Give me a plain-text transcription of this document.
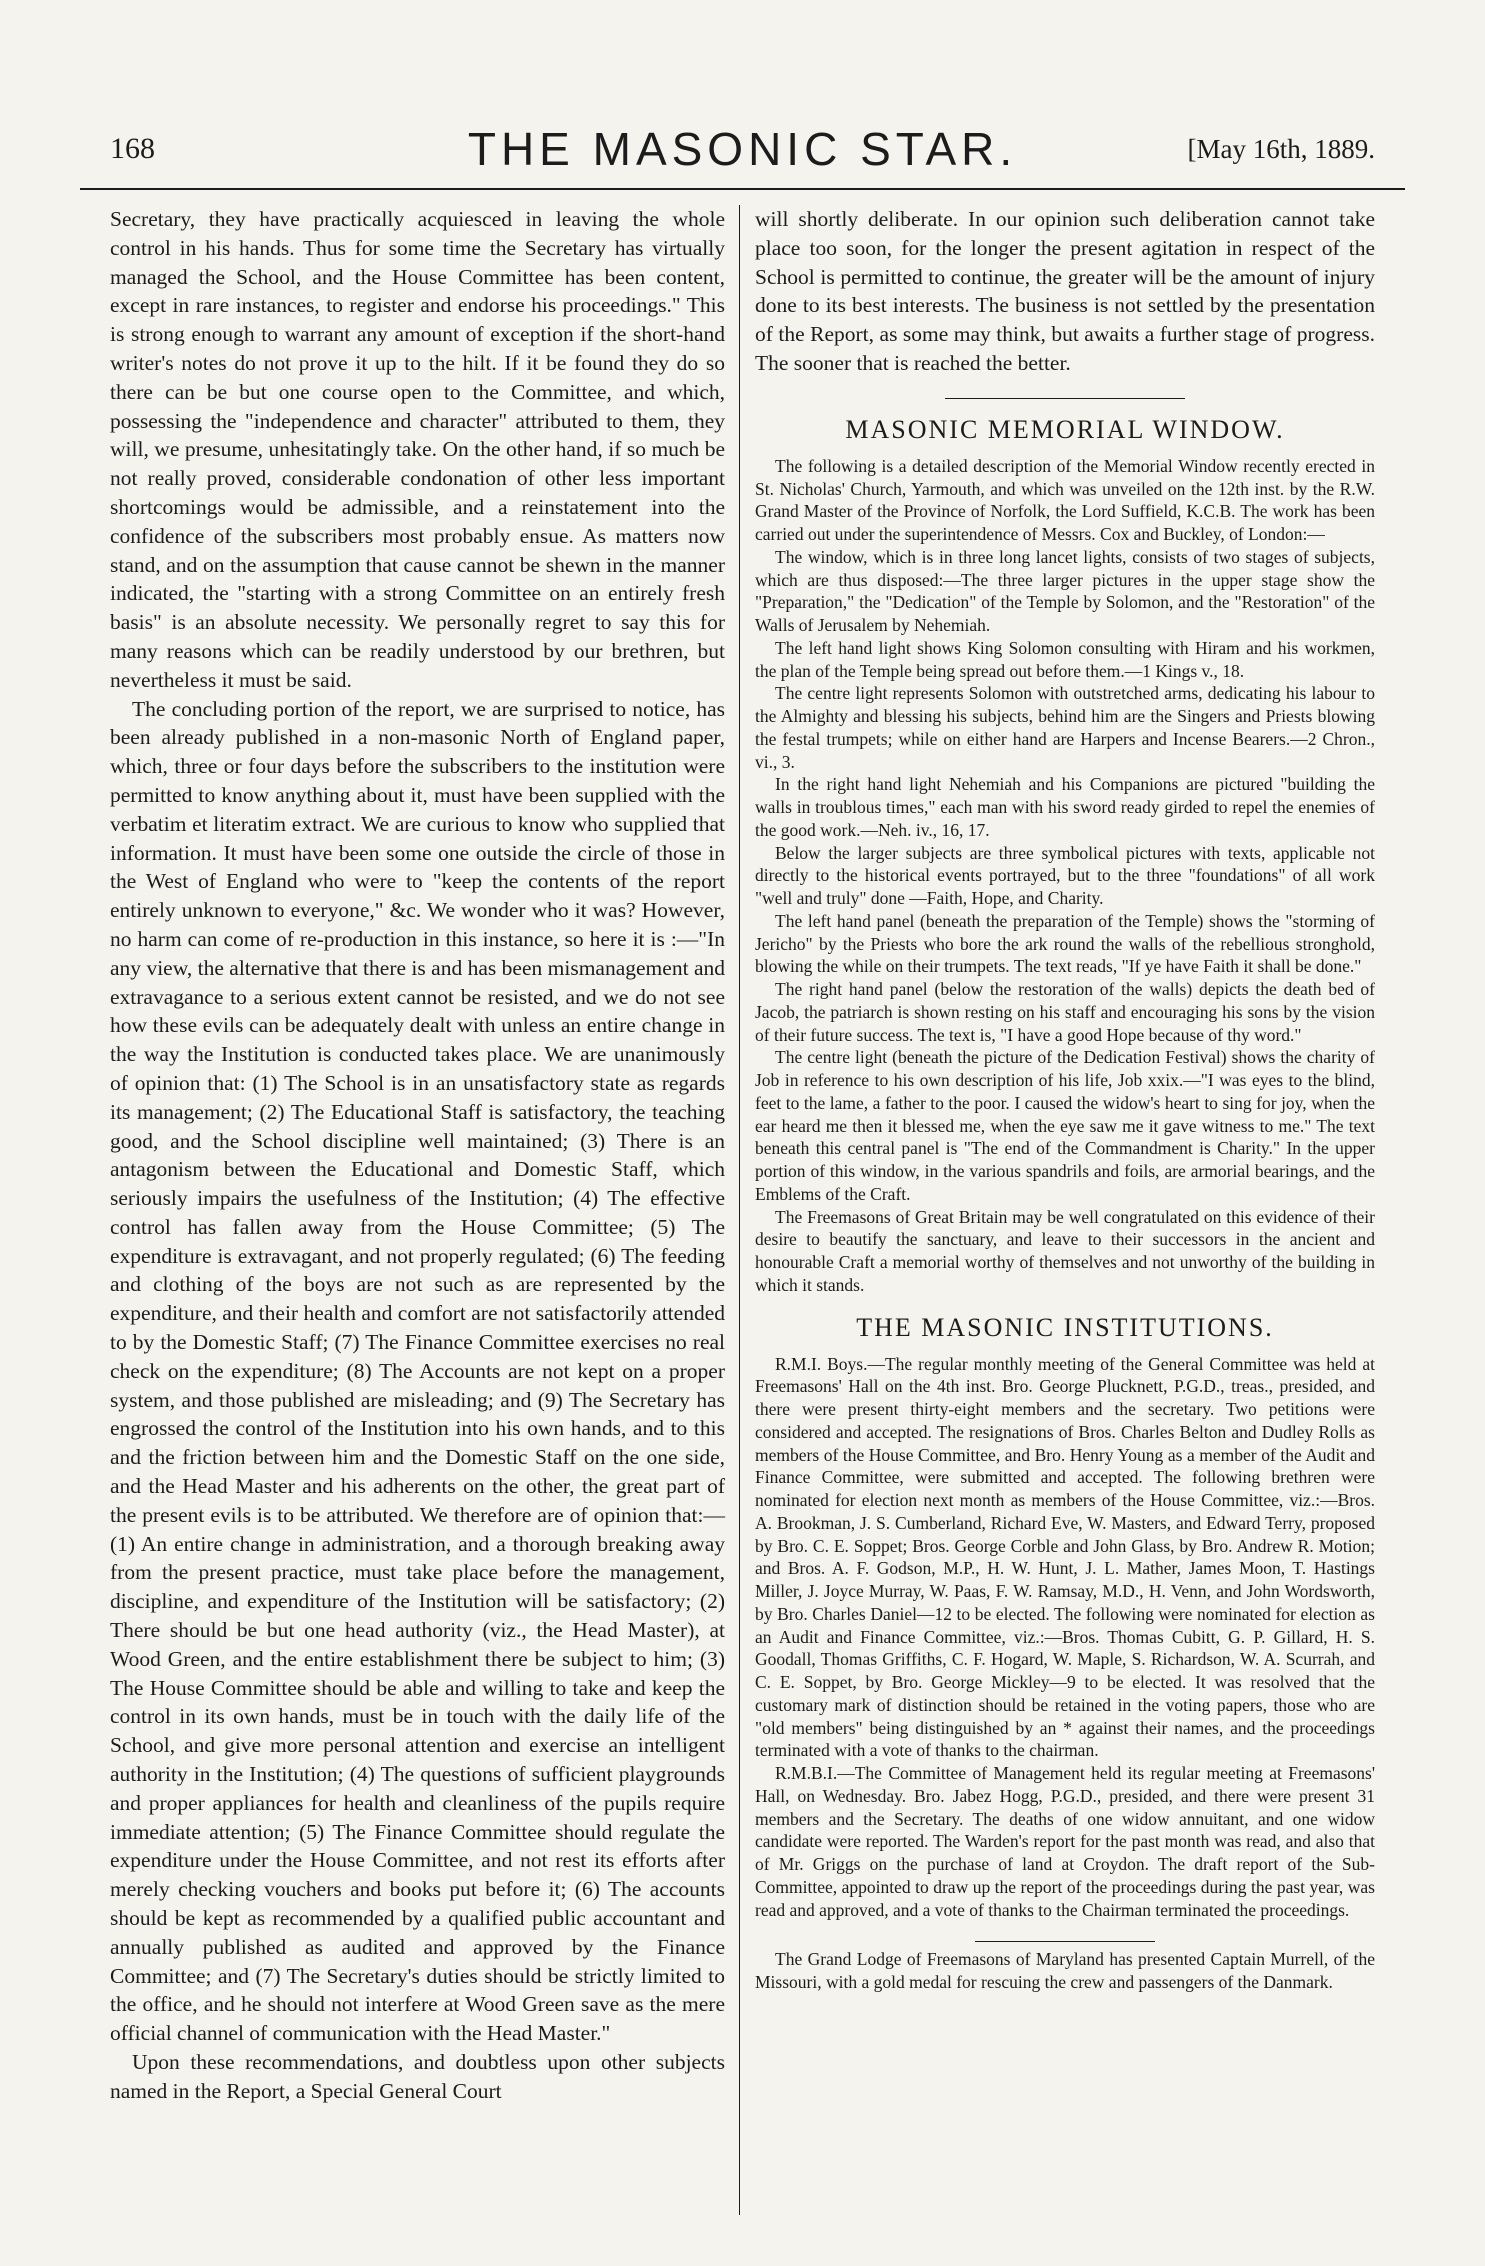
168	THE MASONIC STAR.	[May 16th, 1889.

Secretary, they have practically acquiesced in leaving the whole control in his hands. Thus for some time the Secretary has virtually managed the School, and the House Committee has been content, except in rare instances, to register and endorse his proceedings." This is strong enough to warrant any amount of exception if the short-hand writer's notes do not prove it up to the hilt. If it be found they do so there can be but one course open to the Committee, and which, possessing the "independence and character" attributed to them, they will, we presume, unhesitatingly take. On the other hand, if so much be not really proved, considerable condonation of other less important shortcomings would be admissible, and a reinstatement into the confidence of the subscribers most probably ensue. As matters now stand, and on the assumption that cause cannot be shewn in the manner indicated, the "starting with a strong Committee on an entirely fresh basis" is an absolute necessity. We personally regret to say this for many reasons which can be readily understood by our brethren, but nevertheless it must be said.

The concluding portion of the report, we are surprised to notice, has been already published in a non-masonic North of England paper, which, three or four days before the subscribers to the institution were permitted to know anything about it, must have been supplied with the verbatim et literatim extract. We are curious to know who supplied that information. It must have been some one outside the circle of those in the West of England who were to "keep the contents of the report entirely unknown to everyone," &c. We wonder who it was? However, no harm can come of re-production in this instance, so here it is :—"In any view, the alternative that there is and has been mismanagement and extravagance to a serious extent cannot be resisted, and we do not see how these evils can be adequately dealt with unless an entire change in the way the Institution is conducted takes place. We are unanimously of opinion that: (1) The School is in an unsatisfactory state as regards its management; (2) The Educational Staff is satisfactory, the teaching good, and the School discipline well maintained; (3) There is an antagonism between the Educational and Domestic Staff, which seriously impairs the usefulness of the Institution; (4) The effective control has fallen away from the House Committee; (5) The expenditure is extravagant, and not properly regulated; (6) The feeding and clothing of the boys are not such as are represented by the expenditure, and their health and comfort are not satisfactorily attended to by the Domestic Staff; (7) The Finance Committee exercises no real check on the expenditure; (8) The Accounts are not kept on a proper system, and those published are misleading; and (9) The Secretary has engrossed the control of the Institution into his own hands, and to this and the friction between him and the Domestic Staff on the one side, and the Head Master and his adherents on the other, the great part of the present evils is to be attributed. We therefore are of opinion that:—(1) An entire change in administration, and a thorough breaking away from the present practice, must take place before the management, discipline, and expenditure of the Institution will be satisfactory; (2) There should be but one head authority (viz., the Head Master), at Wood Green, and the entire establishment there be subject to him; (3) The House Committee should be able and willing to take and keep the control in its own hands, must be in touch with the daily life of the School, and give more personal attention and exercise an intelligent authority in the Institution; (4) The questions of sufficient playgrounds and proper appliances for health and cleanliness of the pupils require immediate attention; (5) The Finance Committee should regulate the expenditure under the House Committee, and not rest its efforts after merely checking vouchers and books put before it; (6) The accounts should be kept as recommended by a qualified public accountant and annually published as audited and approved by the Finance Committee; and (7) The Secretary's duties should be strictly limited to the office, and he should not interfere at Wood Green save as the mere official channel of communication with the Head Master."

Upon these recommendations, and doubtless upon other subjects named in the Report, a Special General Court

will shortly deliberate. In our opinion such deliberation cannot take place too soon, for the longer the present agitation in respect of the School is permitted to continue, the greater will be the amount of injury done to its best interests. The business is not settled by the presentation of the Report, as some may think, but awaits a further stage of progress. The sooner that is reached the better.

MASONIC MEMORIAL WINDOW.

The following is a detailed description of the Memorial Window recently erected in St. Nicholas' Church, Yarmouth, and which was unveiled on the 12th inst. by the R.W. Grand Master of the Province of Norfolk, the Lord Suffield, K.C.B. The work has been carried out under the superintendence of Messrs. Cox and Buckley, of London:—

The window, which is in three long lancet lights, consists of two stages of subjects, which are thus disposed:—The three larger pictures in the upper stage show the "Preparation," the "Dedication" of the Temple by Solomon, and the "Restoration" of the Walls of Jerusalem by Nehemiah.

The left hand light shows King Solomon consulting with Hiram and his workmen, the plan of the Temple being spread out before them.—1 Kings v., 18.

The centre light represents Solomon with outstretched arms, dedicating his labour to the Almighty and blessing his subjects, behind him are the Singers and Priests blowing the festal trumpets; while on either hand are Harpers and Incense Bearers.—2 Chron., vi., 3.

In the right hand light Nehemiah and his Companions are pictured "building the walls in troublous times," each man with his sword ready girded to repel the enemies of the good work.—Neh. iv., 16, 17.

Below the larger subjects are three symbolical pictures with texts, applicable not directly to the historical events portrayed, but to the three "foundations" of all work "well and truly" done —Faith, Hope, and Charity.

The left hand panel (beneath the preparation of the Temple) shows the "storming of Jericho" by the Priests who bore the ark round the walls of the rebellious stronghold, blowing the while on their trumpets. The text reads, "If ye have Faith it shall be done."

The right hand panel (below the restoration of the walls) depicts the death bed of Jacob, the patriarch is shown resting on his staff and encouraging his sons by the vision of their future success. The text is, "I have a good Hope because of thy word."

The centre light (beneath the picture of the Dedication Festival) shows the charity of Job in reference to his own description of his life, Job xxix.—"I was eyes to the blind, feet to the lame, a father to the poor. I caused the widow's heart to sing for joy, when the ear heard me then it blessed me, when the eye saw me it gave witness to me." The text beneath this central panel is "The end of the Commandment is Charity." In the upper portion of this window, in the various spandrils and foils, are armorial bearings, and the Emblems of the Craft.

The Freemasons of Great Britain may be well congratulated on this evidence of their desire to beautify the sanctuary, and leave to their successors in the ancient and honourable Craft a memorial worthy of themselves and not unworthy of the building in which it stands.

THE MASONIC INSTITUTIONS.

R.M.I. Boys.—The regular monthly meeting of the General Committee was held at Freemasons' Hall on the 4th inst. Bro. George Plucknett, P.G.D., treas., presided, and there were present thirty-eight members and the secretary. Two petitions were considered and accepted. The resignations of Bros. Charles Belton and Dudley Rolls as members of the House Committee, and Bro. Henry Young as a member of the Audit and Finance Committee, were submitted and accepted. The following brethren were nominated for election next month as members of the House Committee, viz.:—Bros. A. Brookman, J. S. Cumberland, Richard Eve, W. Masters, and Edward Terry, proposed by Bro. C. E. Soppet; Bros. George Corble and John Glass, by Bro. Andrew R. Motion; and Bros. A. F. Godson, M.P., H. W. Hunt, J. L. Mather, James Moon, T. Hastings Miller, J. Joyce Murray, W. Paas, F. W. Ramsay, M.D., H. Venn, and John Wordsworth, by Bro. Charles Daniel—12 to be elected. The following were nominated for election as an Audit and Finance Committee, viz.:—Bros. Thomas Cubitt, G. P. Gillard, H. S. Goodall, Thomas Griffiths, C. F. Hogard, W. Maple, S. Richardson, W. A. Scurrah, and C. E. Soppet, by Bro. George Mickley—9 to be elected. It was resolved that the customary mark of distinction should be retained in the voting papers, those who are "old members" being distinguished by an * against their names, and the proceedings terminated with a vote of thanks to the chairman.

R.M.B.I.—The Committee of Management held its regular meeting at Freemasons' Hall, on Wednesday. Bro. Jabez Hogg, P.G.D., presided, and there were present 31 members and the Secretary. The deaths of one widow annuitant, and one widow candidate were reported. The Warden's report for the past month was read, and also that of Mr. Griggs on the purchase of land at Croydon. The draft report of the Sub-Committee, appointed to draw up the report of the proceedings during the past year, was read and approved, and a vote of thanks to the Chairman terminated the proceedings.

The Grand Lodge of Freemasons of Maryland has presented Captain Murrell, of the Missouri, with a gold medal for rescuing the crew and passengers of the Danmark.
